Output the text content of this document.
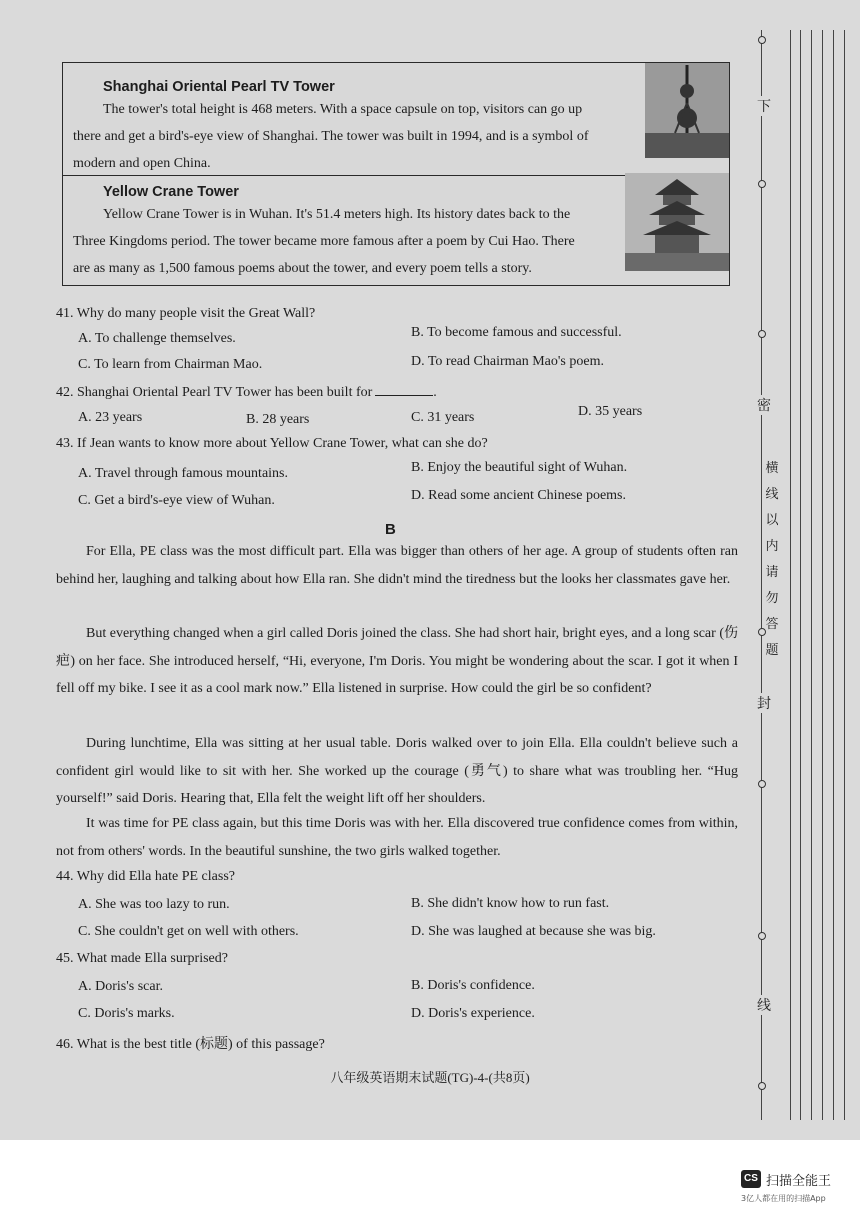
Shanghai Oriental Pearl TV Tower
The tower's total height is 468 meters. With a space capsule on top, visitors can go up
there and get a bird's-eye view of Shanghai. The tower was built in 1994, and is a symbol of
modern and open China.
Yellow Crane Tower
Yellow Crane Tower is in Wuhan. It's 51.4 meters high. Its history dates back to the
Three Kingdoms period. The tower became more famous after a poem by Cui Hao. There
are as many as 1,500 famous poems about the tower, and every poem tells a story.
41. Why do many people visit the Great Wall?
A. To challenge themselves.	B. To become famous and successful.
C. To learn from Chairman Mao.	D. To read Chairman Mao's poem.
42. Shanghai Oriental Pearl TV Tower has been built for	.
A. 23 years	B. 28 years	C. 31 years	D. 35 years
43. If Jean wants to know more about Yellow Crane Tower, what can she do?
A. Travel through famous mountains.	B. Enjoy the beautiful sight of Wuhan.
C. Get a bird's-eye view of Wuhan.	D. Read some ancient Chinese poems.
B
For Ella, PE class was the most difficult part. Ella was bigger than others of her age. A group of students often ran behind her, laughing and talking about how Ella ran. She didn't mind the tiredness but the looks her classmates gave her.
But everything changed when a girl called Doris joined the class. She had short hair, bright eyes, and a long scar (伤疤) on her face. She introduced herself, “Hi, everyone, I'm Doris. You might be wondering about the scar. I got it when I fell off my bike. I see it as a cool mark now.” Ella listened in surprise. How could the girl be so confident?
During lunchtime, Ella was sitting at her usual table. Doris walked over to join Ella. Ella couldn't believe such a confident girl would like to sit with her. She worked up the courage (勇气) to share what was troubling her. “Hug yourself!” said Doris. Hearing that, Ella felt the weight lift off her shoulders.
It was time for PE class again, but this time Doris was with her. Ella discovered true confidence comes from within, not from others' words. In the beautiful sunshine, the two girls walked together.
44. Why did Ella hate PE class?
A. She was too lazy to run.	B. She didn't know how to run fast.
C. She couldn't get on well with others.	D. She was laughed at because she was big.
45. What made Ella surprised?
A. Doris's scar.	B. Doris's confidence.
C. Doris's marks.	D. Doris's experience.
46. What is the best title (标题) of this passage?
八年级英语期末试题(TG)-4-(共8页)
下
密
封
线
横
线
以
内
请
勿
答
题
CS 扫描全能王
3亿人都在用的扫描App
